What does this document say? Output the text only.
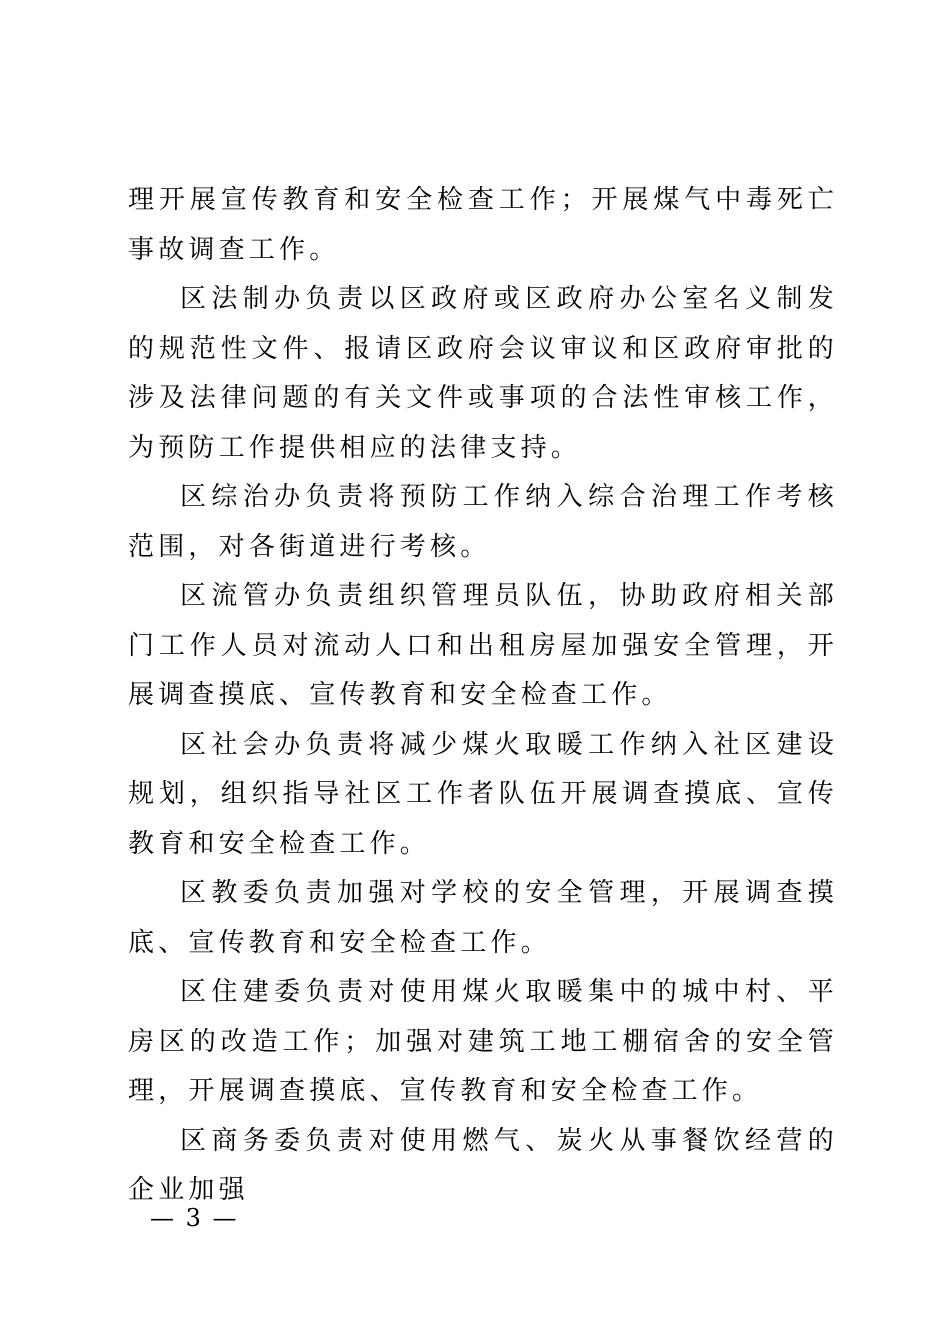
理开展宣传教育和安全检查工作；开展煤气中毒死亡事故调查工作。

区法制办负责以区政府或区政府办公室名义制发的规范性文件、报请区政府会议审议和区政府审批的涉及法律问题的有关文件或事项的合法性审核工作，为预防工作提供相应的法律支持。

区综治办负责将预防工作纳入综合治理工作考核范围，对各街道进行考核。

区流管办负责组织管理员队伍，协助政府相关部门工作人员对流动人口和出租房屋加强安全管理，开展调查摸底、宣传教育和安全检查工作。

区社会办负责将减少煤火取暖工作纳入社区建设规划，组织指导社区工作者队伍开展调查摸底、宣传教育和安全检查工作。

区教委负责加强对学校的安全管理，开展调查摸底、宣传教育和安全检查工作。

区住建委负责对使用煤火取暖集中的城中村、平房区的改造工作；加强对建筑工地工棚宿舍的安全管理，开展调查摸底、宣传教育和安全检查工作。

区商务委负责对使用燃气、炭火从事餐饮经营的企业加强

— 3 —
